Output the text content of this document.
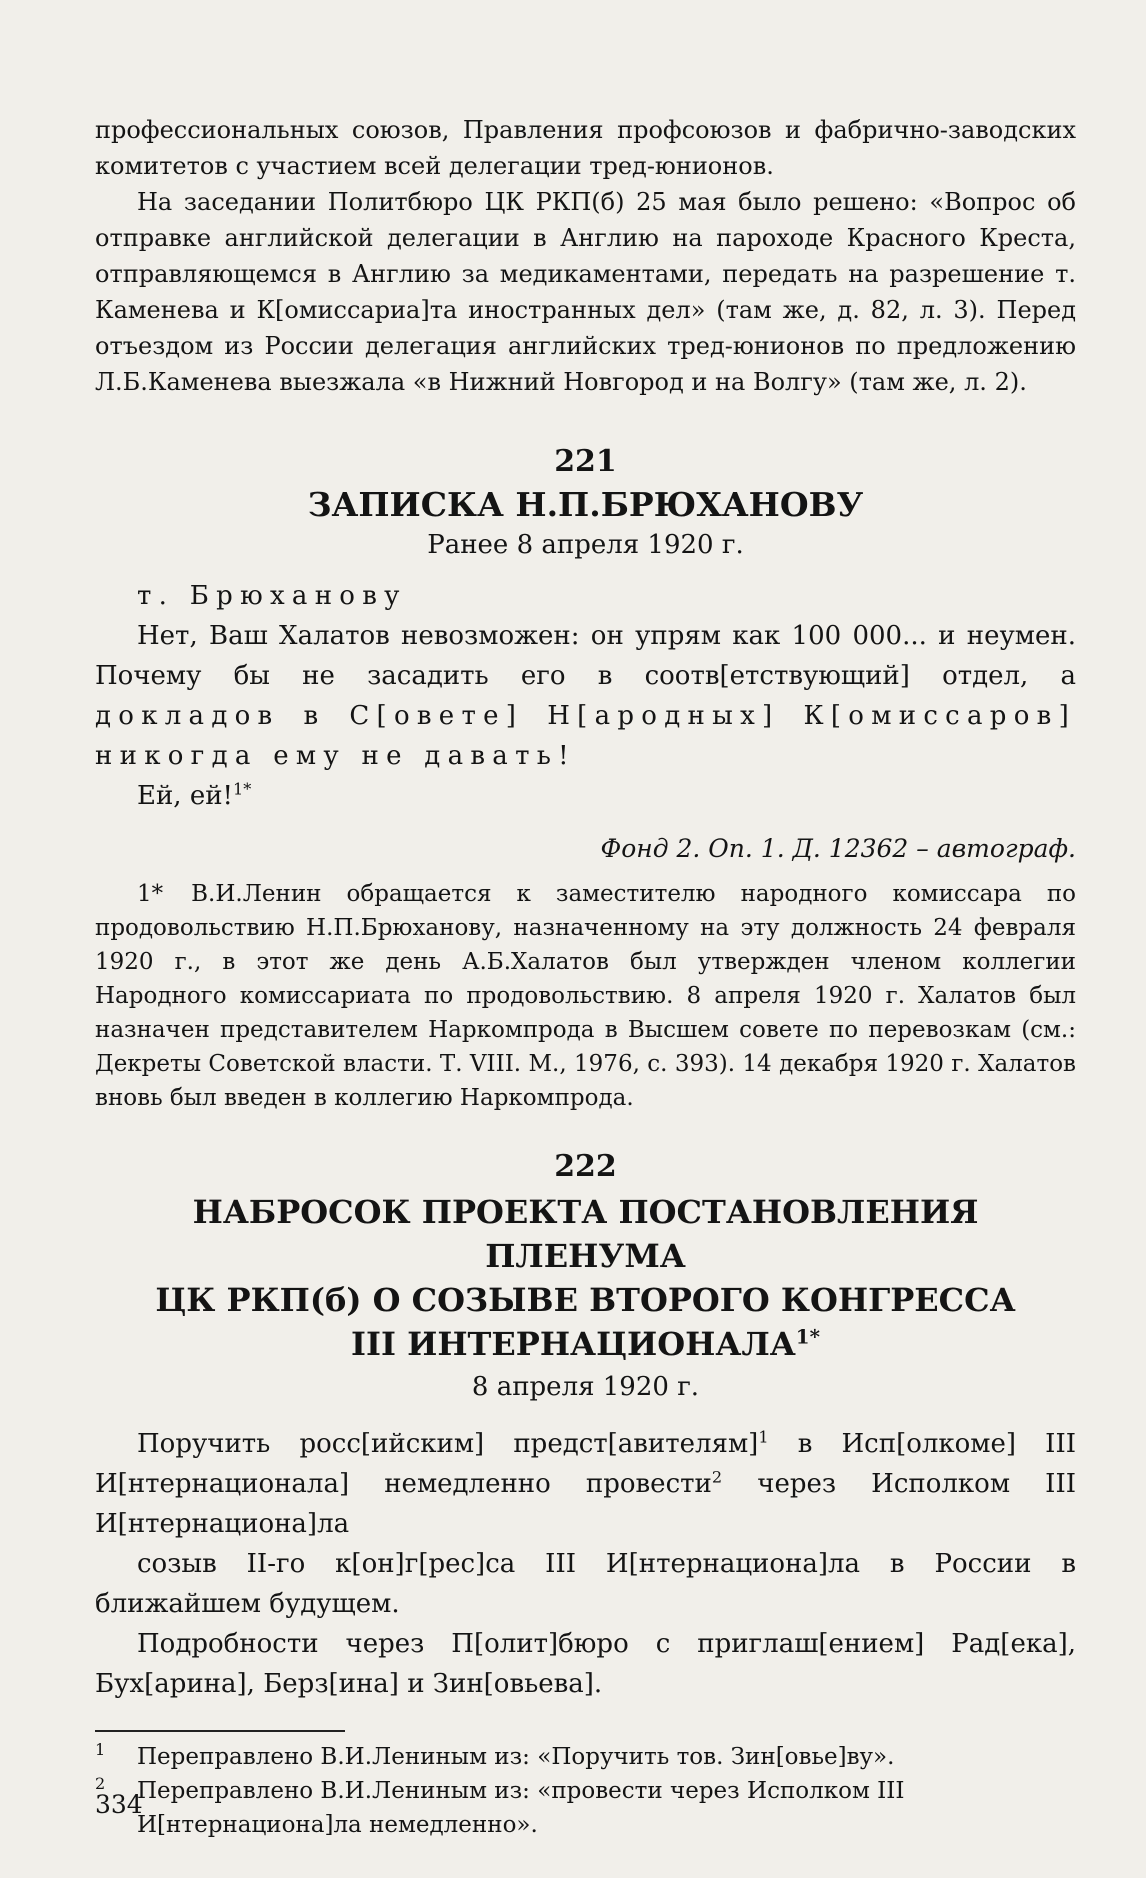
профессиональных союзов, Правления профсоюзов и фабрично-заводских комитетов с участием всей делегации тред-юнионов.

На заседании Политбюро ЦК РКП(б) 25 мая было решено: «Вопрос об отправке английской делегации в Англию на пароходе Красного Креста, отправляющемся в Англию за медикаментами, передать на разрешение т. Каменева и К[омиссариа]та иностранных дел» (там же, д. 82, л. 3). Перед отъездом из России делегация английских тред-юнионов по предложению Л.Б.Каменева выезжала «в Нижний Новгород и на Волгу» (там же, л. 2).

221

ЗАПИСКА Н.П.БРЮХАНОВУ

Ранее 8 апреля 1920 г.

т. Брюханову

Нет, Ваш Халатов невозможен: он упрям как 100 000... и неумен. Почему бы не засадить его в соотв[етствующий] отдел, а докладов в С[овете] Н[ародных] К[омиссаров] никогда ему не давать!

Ей, ей!$^{1*}$

Фонд 2. Оп. 1. Д. 12362 – автограф.

1* В.И.Ленин обращается к заместителю народного комиссара по продовольствию Н.П.Брюханову, назначенному на эту должность 24 февраля 1920 г., в этот же день А.Б.Халатов был утвержден членом коллегии Народного комиссариата по продовольствию. 8 апреля 1920 г. Халатов был назначен представителем Наркомпрода в Высшем совете по перевозкам (см.: Декреты Советской власти. Т. VIII. М., 1976, с. 393). 14 декабря 1920 г. Халатов вновь был введен в коллегию Наркомпрода.

222

НАБРОСОК ПРОЕКТА ПОСТАНОВЛЕНИЯ ПЛЕНУМА

ЦК РКП(б) О СОЗЫВЕ ВТОРОГО КОНГРЕССА

III $ИНТЕРНАЦИОНАЛА^{1*}$

8 апреля 1920 г.

Поручить росс[ийским] предст[авителям]$^1$ в Исп[олкоме] III И[нтернационала] немедленно провести$^2$ через Исполком III И[нтернациона]ла

созыв II-го к[он]г[рес]са III И[нтернациона]ла в России в ближайшем будущем.

Подробности через П[олит]бюро с приглаш[ением] Рад[ека], Бух[арина], Берз[ина] и Зин[овьева].

1 Переправлено В.И.Лениным из: «Поручить тов. Зин[овье]ву».

2 Переправлено В.И.Лениным из: «провести через Исполком III И[нтернациона]ла немедленно».

334
